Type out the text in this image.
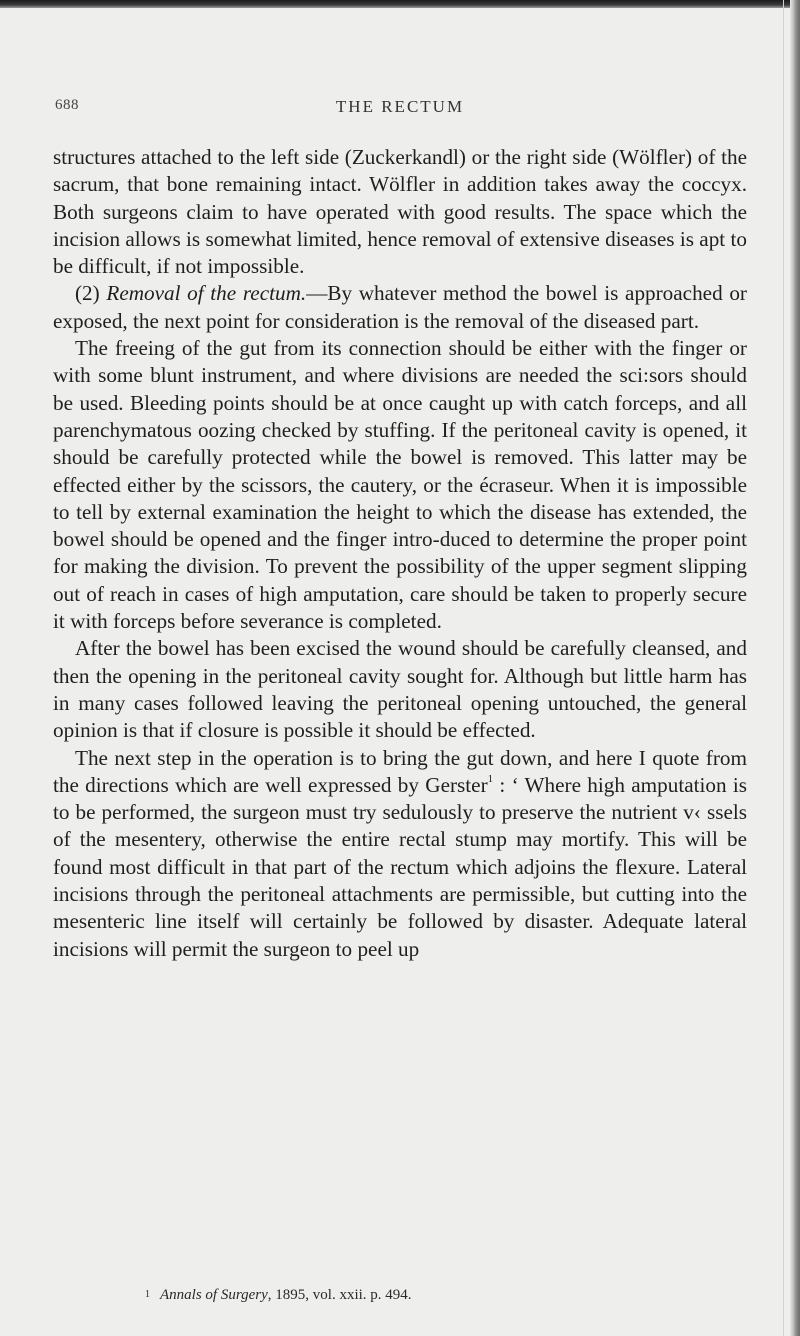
688	THE RECTUM

structures attached to the left side (Zuckerkandl) or the right side (Wölfler) of the sacrum, that bone remaining intact. Wölfler in addition takes away the coccyx. Both surgeons claim to have operated with good results. The space which the incision allows is somewhat limited, hence removal of extensive diseases is apt to be difficult, if not impossible.

(2) Removal of the rectum.—By whatever method the bowel is approached or exposed, the next point for consideration is the removal of the diseased part.

The freeing of the gut from its connection should be either with the finger or with some blunt instrument, and where divisions are needed the sci:sors should be used. Bleeding points should be at once caught up with catch forceps, and all parenchymatous oozing checked by stuffing. If the peritoneal cavity is opened, it should be carefully protected while the bowel is removed. This latter may be effected either by the scissors, the cautery, or the écraseur. When it is impossible to tell by external examination the height to which the disease has extended, the bowel should be opened and the finger intro-duced to determine the proper point for making the division. To prevent the possibility of the upper segment slipping out of reach in cases of high amputation, care should be taken to properly secure it with forceps before severance is completed.

After the bowel has been excised the wound should be carefully cleansed, and then the opening in the peritoneal cavity sought for. Although but little harm has in many cases followed leaving the peritoneal opening untouched, the general opinion is that if closure is possible it should be effected.

The next step in the operation is to bring the gut down, and here I quote from the directions which are well expressed by Gerster$^1$ : ‘ Where high amputation is to be performed, the surgeon must try sedulously to preserve the nutrient v‹ ssels of the mesentery, otherwise the entire rectal stump may mortify. This will be found most difficult in that part of the rectum which adjoins the flexure. Lateral incisions through the peritoneal attachments are permissible, but cutting into the mesenteric line itself will certainly be followed by disaster. Adequate lateral incisions will permit the surgeon to peel up

$^1$ Annals of Surgery, 1895, vol. xxii. p. 494.
